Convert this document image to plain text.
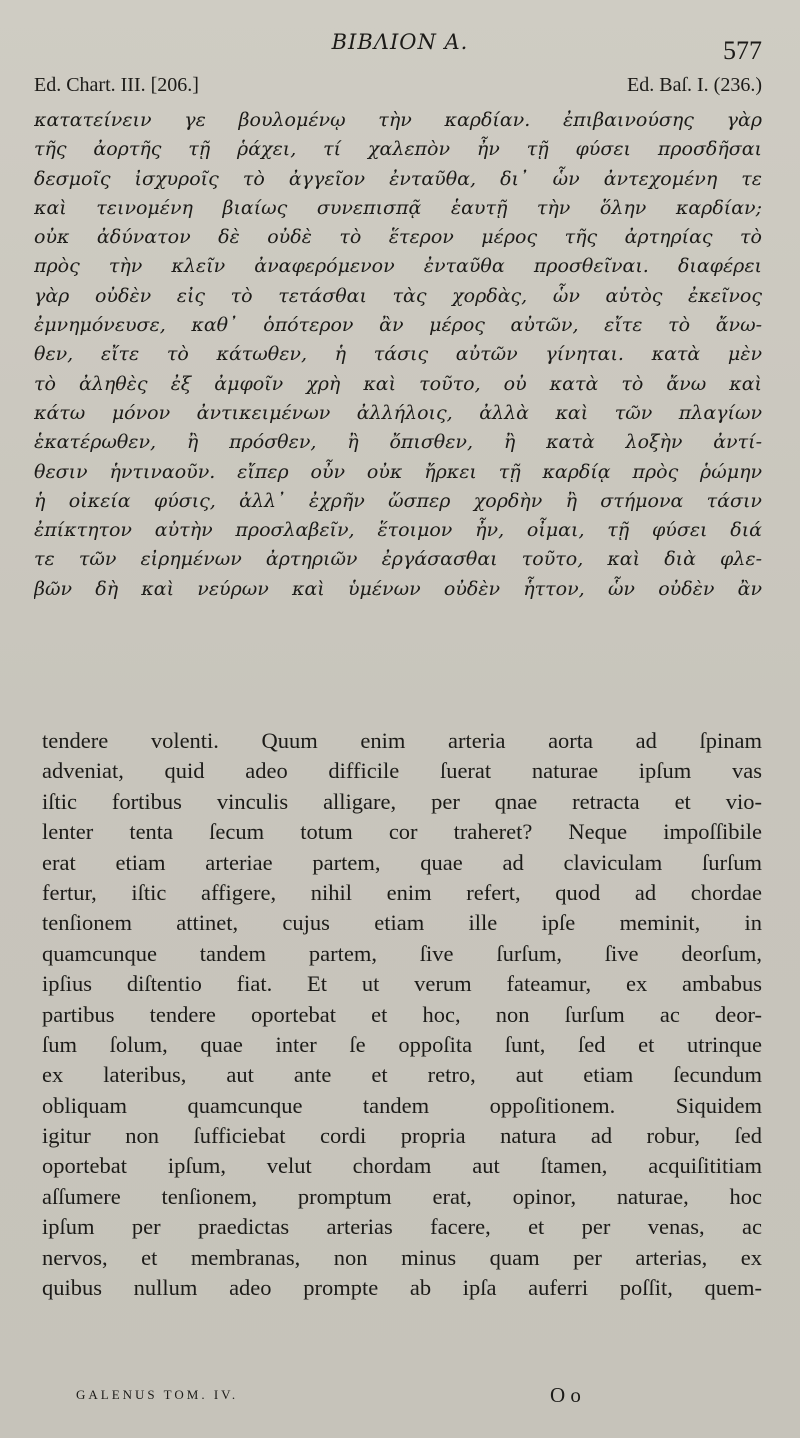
ΒΙΒΛΙΟΝ Α.	577
Ed. Chart. III. [206.]	Ed. Baſ. I. (236.)
κατατείνειν γε βουλομένῳ τὴν καρδίαν. ἐπιβαινούσης γὰρ
τῆς ἀορτῆς τῇ ῥάχει, τί χαλεπὸν ἦν τῇ φύσει προσδῆσαι
δεσμοῖς ἰσχυροῖς τὸ ἀγγεῖον ἐνταῦθα, δι᾽ ὧν ἀντεχομένη τε
καὶ τεινομένη βιαίως συνεπισπᾷ ἑαυτῇ τὴν ὅλην καρδίαν;
οὐκ ἀδύνατον δὲ οὐδὲ τὸ ἕτερον μέρος τῆς ἀρτηρίας τὸ
πρὸς τὴν κλεῖν ἀναφερόμενον ἐνταῦθα προσθεῖναι. διαφέρει
γὰρ οὐδὲν εἰς τὸ τετάσθαι τὰς χορδὰς, ὧν αὐτὸς ἐκεῖνος
ἐμνημόνευσε, καθ᾽ ὁπότερον ἂν μέρος αὐτῶν, εἴτε τὸ ἄνω-
θεν, εἴτε τὸ κάτωθεν, ἡ τάσις αὐτῶν γίνηται. κατὰ μὲν
τὸ ἀληθὲς ἐξ ἀμφοῖν χρὴ καὶ τοῦτο, οὐ κατὰ τὸ ἄνω καὶ
κάτω μόνον ἀντικειμένων ἀλλήλοις, ἀλλὰ καὶ τῶν πλαγίων
ἑκατέρωθεν, ἢ πρόσθεν, ἢ ὄπισθεν, ἢ κατὰ λοξὴν ἀντί-
θεσιν ἡντιναοῦν. εἴπερ οὖν οὐκ ἤρκει τῇ καρδίᾳ πρὸς ῥώμην
ἡ οἰκεία φύσις, ἀλλ᾽ ἐχρῆν ὥσπερ χορδὴν ἢ στήμονα τάσιν
ἐπίκτητον αὐτὴν προσλαβεῖν, ἕτοιμον ἦν, οἶμαι, τῇ φύσει διά
τε τῶν εἰρημένων ἀρτηριῶν ἐργάσασθαι τοῦτο, καὶ διὰ φλε-
βῶν δὴ καὶ νεύρων καὶ ὑμένων οὐδὲν ἧττον, ὧν οὐδὲν ἂν
tendere volenti. Quum enim arteria aorta ad ſpinam
adveniat, quid adeo difficile ſuerat naturae ipſum vas
iſtic fortibus vinculis alligare, per qnae retracta et vio-
lenter tenta ſecum totum cor traheret? Neque impoſſibile
erat etiam arteriae partem, quae ad claviculam ſurſum
fertur, iſtic affigere, nihil enim refert, quod ad chordae
tenſionem attinet, cujus etiam ille ipſe meminit, in
quamcunque tandem partem, ſive ſurſum, ſive deorſum,
ipſius diſtentio fiat. Et ut verum fateamur, ex ambabus
partibus tendere oportebat et hoc, non ſurſum ac deor-
ſum ſolum, quae inter ſe oppoſita ſunt, ſed et utrinque
ex lateribus, aut ante et retro, aut etiam ſecundum
obliquam quamcunque tandem oppoſitionem. Siquidem
igitur non ſufficiebat cordi propria natura ad robur, ſed
oportebat ipſum, velut chordam aut ſtamen, acquiſititiam
aſſumere tenſionem, promptum erat, opinor, naturae, hoc
ipſum per praedictas arterias facere, et per venas, ac
nervos, et membranas, non minus quam per arterias, ex
quibus nullum adeo prompte ab ipſa auferri poſſit, quem-
GALENUS TOM. IV.	O o
